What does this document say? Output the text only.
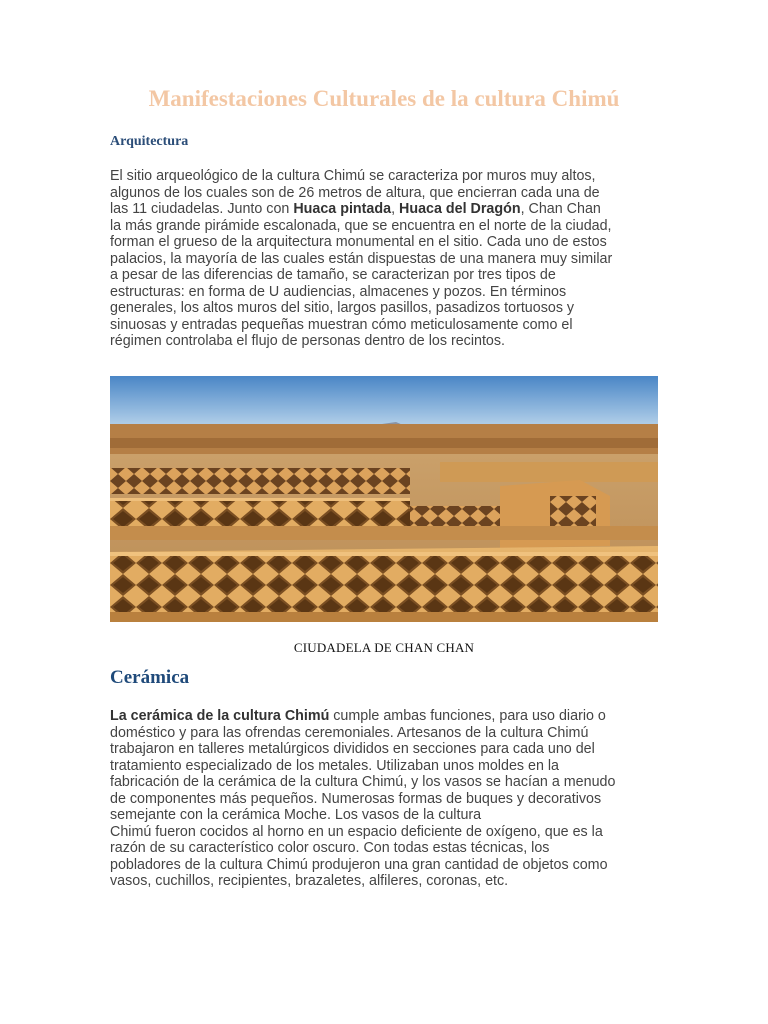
Manifestaciones Culturales de la cultura Chimú
Arquitectura
El sitio arqueológico de la cultura Chimú se caracteriza por muros muy altos,
algunos de los cuales son de 26 metros de altura, que encierran cada una de
las 11 ciudadelas. Junto con Huaca pintada, Huaca del Dragón, Chan Chan
la más grande pirámide escalonada, que se encuentra en el norte de la ciudad,
forman el grueso de la arquitectura monumental en el sitio. Cada uno de estos
palacios, la mayoría de las cuales están dispuestas de una manera muy similar
a pesar de las diferencias de tamaño, se caracterizan por tres tipos de
estructuras: en forma de U audiencias, almacenes y pozos. En términos
generales, los altos muros del sitio, largos pasillos, pasadizos tortuosos y
sinuosas y entradas pequeñas muestran cómo meticulosamente como el
régimen controlaba el flujo de personas dentro de los recintos.

CIUDADELA DE CHAN CHAN

Cerámica
La cerámica de la cultura Chimú cumple ambas funciones, para uso diario o
doméstico y para las ofrendas ceremoniales. Artesanos de la cultura Chimú
trabajaron en talleres metalúrgicos divididos en secciones para cada uno del
tratamiento especializado de los metales. Utilizaban unos moldes en la
fabricación de la cerámica de la cultura Chimú, y los vasos se hacían a menudo
de componentes más pequeños. Numerosas formas de buques y decorativos
semejante con la cerámica Moche. Los vasos de la cultura
Chimú fueron cocidos al horno en un espacio deficiente de oxígeno, que es la
razón de su característico color oscuro. Con todas estas técnicas, los
pobladores de la cultura Chimú produjeron una gran cantidad de objetos como
vasos, cuchillos, recipientes, brazaletes, alfileres, coronas, etc.
